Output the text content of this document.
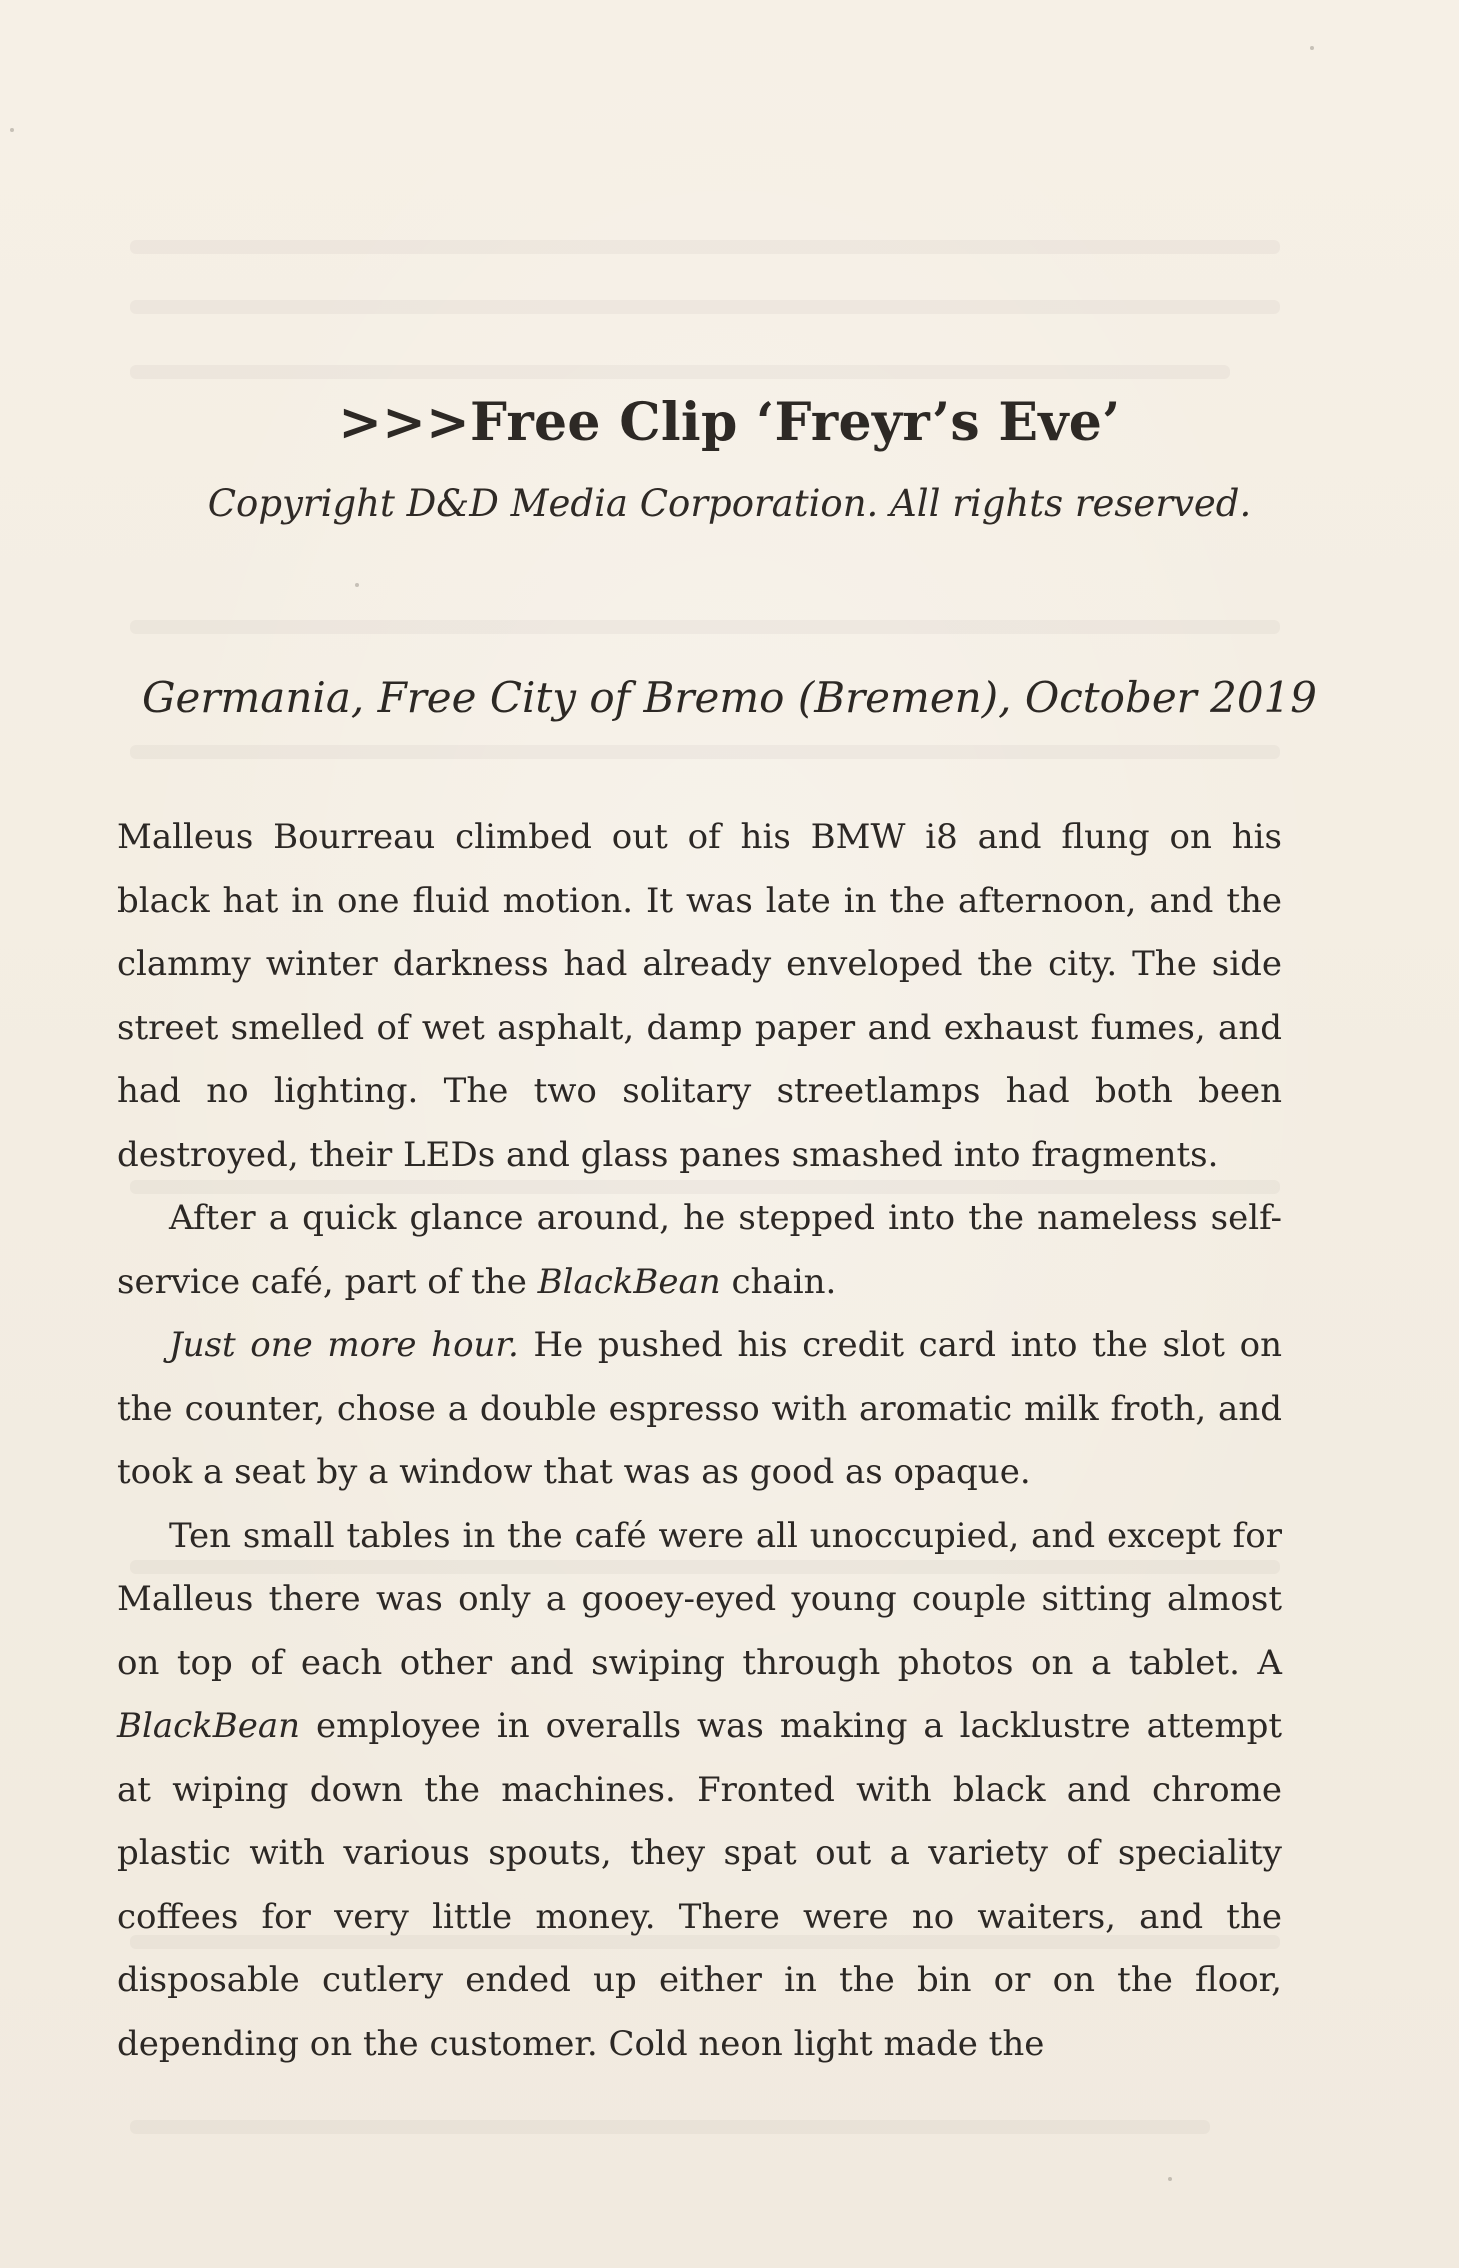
>>>Free Clip ‘Freyr’s Eve’

Copyright D&D Media Corporation. All rights reserved.

Germania, Free City of Bremo (Bremen), October 2019

Malleus Bourreau climbed out of his BMW i8 and flung on his black hat in one fluid motion. It was late in the afternoon, and the clammy winter darkness had already enveloped the city. The side street smelled of wet asphalt, damp paper and exhaust fumes, and had no lighting. The two solitary streetlamps had both been destroyed, their LEDs and glass panes smashed into fragments.

After a quick glance around, he stepped into the nameless self-service café, part of the BlackBean chain.

Just one more hour. He pushed his credit card into the slot on the counter, chose a double espresso with aromatic milk froth, and took a seat by a window that was as good as opaque.

Ten small tables in the café were all unoccupied, and except for Malleus there was only a gooey-eyed young couple sitting almost on top of each other and swiping through photos on a tablet. A BlackBean employee in overalls was making a lacklustre attempt at wiping down the machines. Fronted with black and chrome plastic with various spouts, they spat out a variety of speciality coffees for very little money. There were no waiters, and the disposable cutlery ended up either in the bin or on the floor, depending on the customer. Cold neon light made the
